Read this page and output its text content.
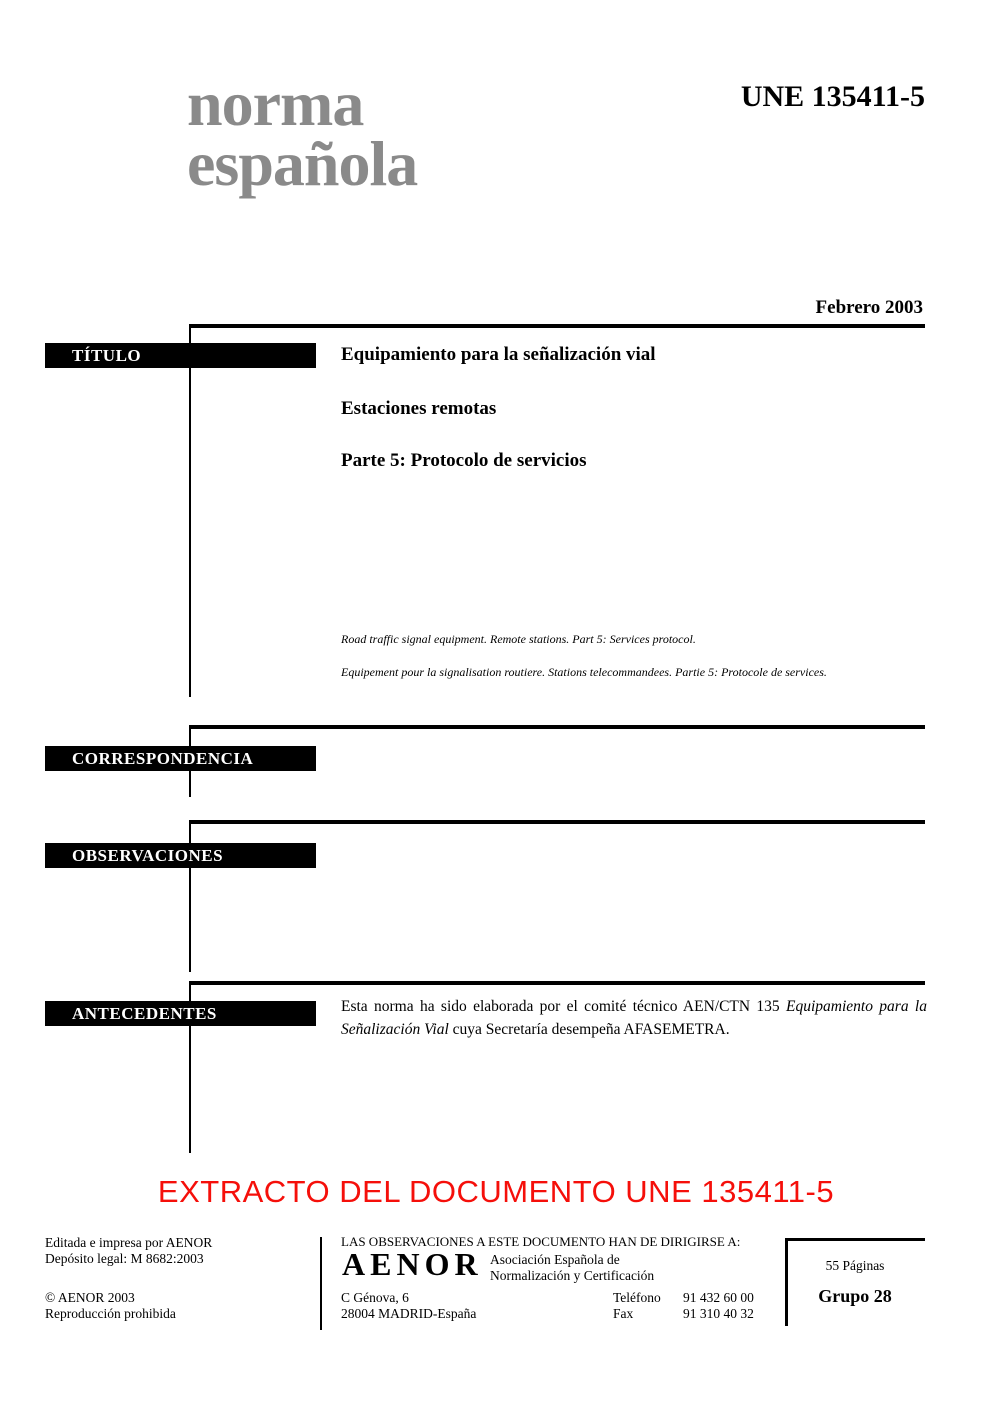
norma
española
UNE 135411-5
Febrero 2003
TÍTULO	Equipamiento para la señalización vial
Estaciones remotas
Parte 5: Protocolo de servicios
Road traffic signal equipment. Remote stations. Part 5: Services protocol.
Equipement pour la signalisation routiere. Stations telecommandees. Partie 5: Protocole de services.
CORRESPONDENCIA
OBSERVACIONES
ANTECEDENTES	Esta norma ha sido elaborada por el comité técnico AEN/CTN 135 Equipamiento para la Señalización Vial cuya Secretaría desempeña AFASEMETRA.
EXTRACTO DEL DOCUMENTO UNE 135411-5
Editada e impresa por AENOR
Depósito legal: M 8682:2003
© AENOR 2003
Reproducción prohibida
LAS OBSERVACIONES A ESTE DOCUMENTO HAN DE DIRIGIRSE A:
AENOR Asociación Española de
Normalización y Certificación
C Génova, 6
28004 MADRID-España
Teléfono
Fax
91 432 60 00
91 310 40 32
55 Páginas
Grupo 28
